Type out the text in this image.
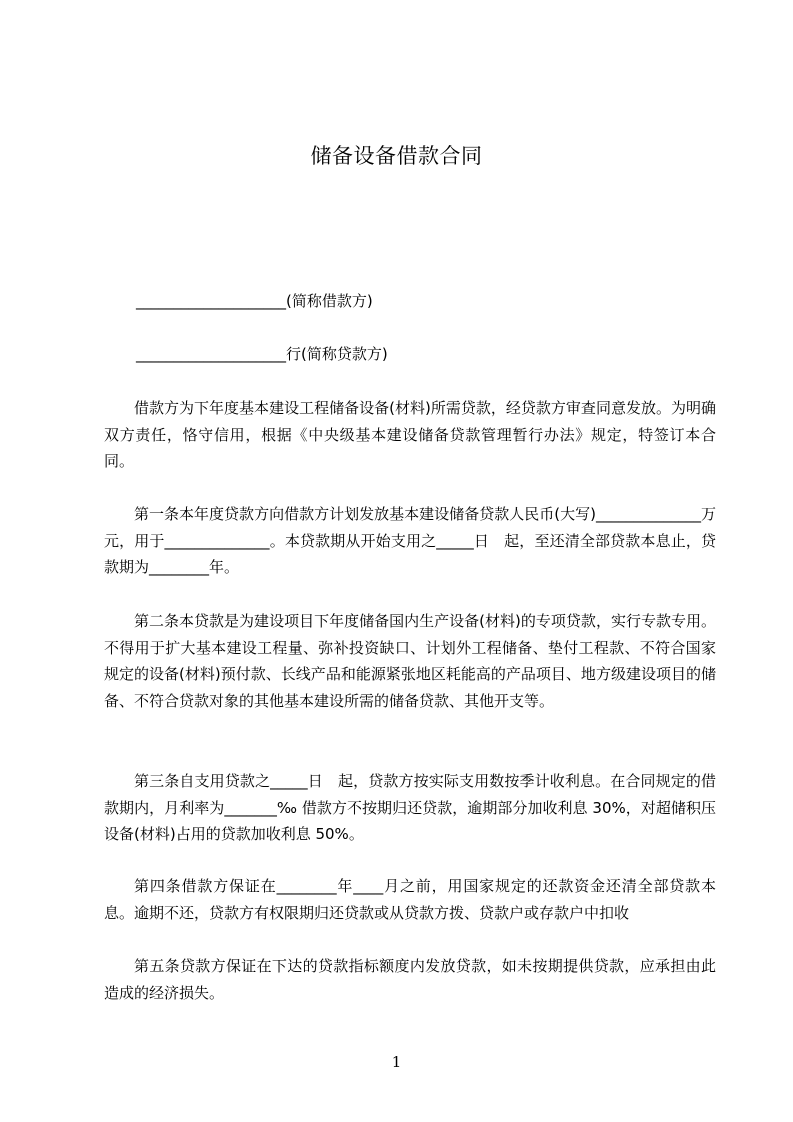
储备设备借款合同
____________________(简称借款方)
____________________行(简称贷款方)

借款方为下年度基本建设工程储备设备(材料)所需贷款，经贷款方审查同意发放。为明确双方责任，恪守信用，根据《中央级基本建设储备贷款管理暂行办法》规定，特签订本合同。

第一条本年度贷款方向借款方计划发放基本建设储备贷款人民币(大写)______________万元，用于______________。本贷款期从开始支用之_____日　起，至还清全部贷款本息止，贷款期为________年。

第二条本贷款是为建设项目下年度储备国内生产设备(材料)的专项贷款，实行专款专用。不得用于扩大基本建设工程量、弥补投资缺口、计划外工程储备、垫付工程款、不符合国家规定的设备(材料)预付款、长线产品和能源紧张地区耗能高的产品项目、地方级建设项目的储备、不符合贷款对象的其他基本建设所需的储备贷款、其他开支等。

第三条自支用贷款之_____日　起，贷款方按实际支用数按季计收利息。在合同规定的借款期内，月利率为_______‰ 借款方不按期归还贷款，逾期部分加收利息 30%，对超储积压设备(材料)占用的贷款加收利息 50%。

第四条借款方保证在________年____月之前，用国家规定的还款资金还清全部贷款本息。逾期不还，贷款方有权限期归还贷款或从贷款方拨、贷款户或存款户中扣收

第五条贷款方保证在下达的贷款指标额度内发放贷款，如未按期提供贷款，应承担由此造成的经济损失。

1
